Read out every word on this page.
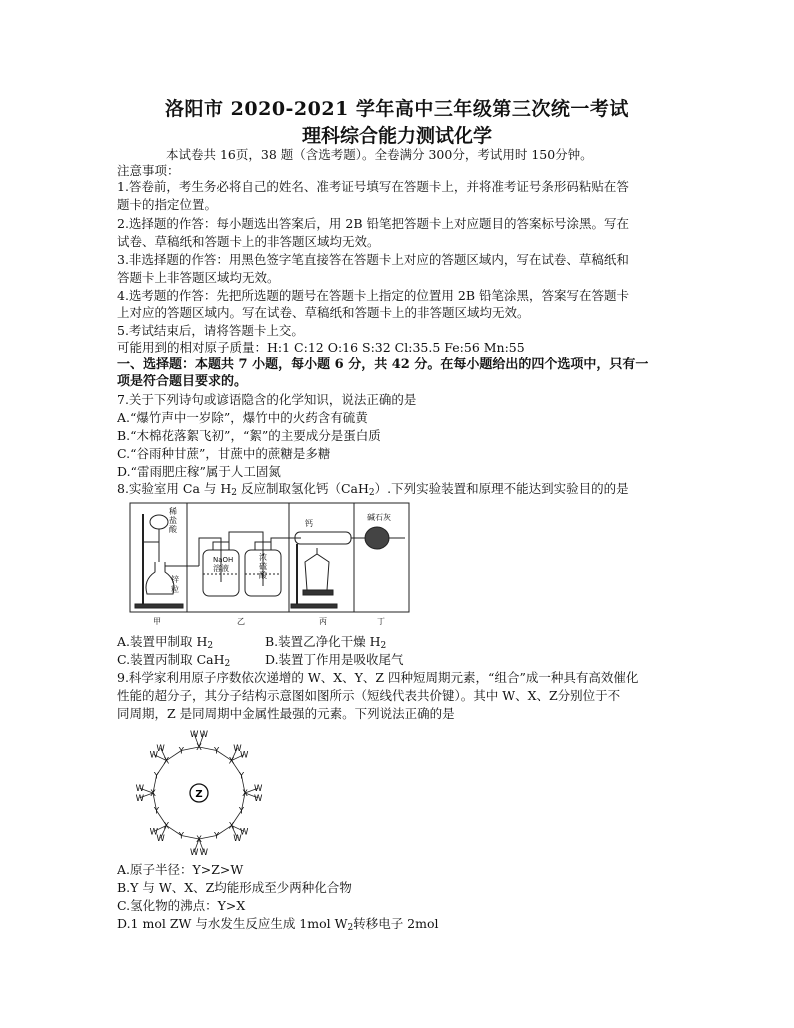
洛阳市 2020-2021 学年高中三年级第三次统一考试
理科综合能力测试化学
本试卷共 16页，38 题（含选考题）。全卷满分 300分，考试用时 150分钟。
注意事项：
1.答卷前，考生务必将自己的姓名、准考证号填写在答题卡上，并将准考证号条形码粘贴在答
题卡的指定位置。
2.选择题的作答：每小题选出答案后，用 2B 铅笔把答题卡上对应题目的答案标号涂黑。写在
试卷、草稿纸和答题卡上的非答题区域均无效。
3.非选择题的作答：用黑色签字笔直接答在答题卡上对应的答题区域内，写在试卷、草稿纸和
答题卡上非答题区域均无效。
4.选考题的作答：先把所选题的题号在答题卡上指定的位置用 2B 铅笔涂黑，答案写在答题卡
上对应的答题区域内。写在试卷、草稿纸和答题卡上的非答题区域均无效。
5.考试结束后，请将答题卡上交。
可能用到的相对原子质量：H:1 C:12 O:16 S:32 Cl:35.5 Fe:56 Mn:55
一、选择题：本题共 7 小题，每小题 6 分，共 42 分。在每小题给出的四个选项中，只有一
项是符合题目要求的。
7.关于下列诗句或谚语隐含的化学知识，说法正确的是
A.“爆竹声中一岁除”，爆竹中的火药含有硫黄
B.“木棉花落絮飞初”，“絮”的主要成分是蛋白质
C.“谷雨种甘蔗”，甘蔗中的蔗糖是多糖
D.“雷雨肥庄稼”属于人工固氮
8.实验室用 Ca 与 $H_2$ 反应制取氢化钙（CaH$_2$）.下列实验装置和原理不能达到实验目的的是
稀
盐
酸
锌
粒
NaOH
溶液
浓
硫
酸
钙
碱石灰
甲	乙	丙	丁
A.装置甲制取 $H_2$	B.装置乙净化干燥 $H_2$
C.装置丙制取 CaH$_2$	D.装置丁作用是吸收尾气
9.科学家利用原子序数依次递增的 W、X、Y、Z 四种短周期元素，“组合”成一种具有高效催化
性能的超分子，其分子结构示意图如图所示（短线代表共价键）。其中 W、X、Z分别位于不
同周期，Z 是同周期中金属性最强的元素。下列说法正确的是
W W
X Y W
W
X
Y
W
W
X
Y
W
W
X
Y
W
W
X
Y
W
W
X
Y
W
W X
Y
W
W
X
Y
Z
A.原子半径：Y>Z>W
B.Y 与 W、X、Z均能形成至少两种化合物
C.氢化物的沸点：Y>X
D.1 mol ZW 与水发生反应生成 1mol $W_2$转移电子 2mol
